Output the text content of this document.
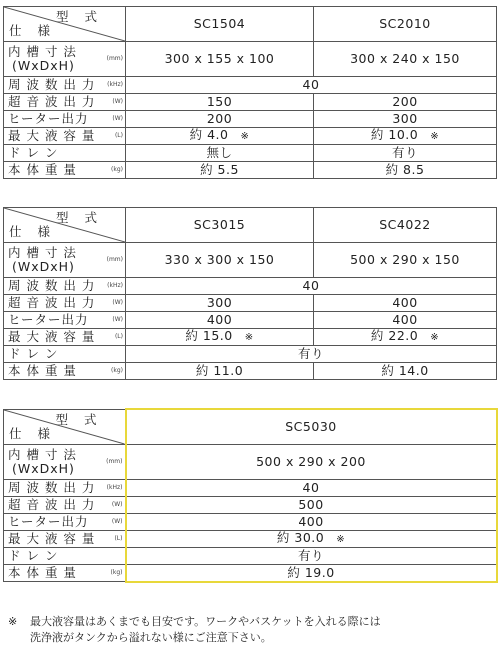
型 式
仕 様	SC1504	SC2010
内 槽 寸 法
(WxDxH) (mm)	300 x 155 x 100	300 x 240 x 150
周 波 数 出 力 (kHz)	40	
超 音 波 出 力 (W)	150	200
ヒーター出力 (W)	200	300
最 大 液 容 量 (L)	約 4.0 ※	約 10.0 ※
ド レ ン	無し	有り
本 体 重 量 (kg)	約 5.5	約 8.5
型 式
仕 様	SC3015	SC4022
内 槽 寸 法
(WxDxH) (mm)	330 x 300 x 150	500 x 290 x 150
周 波 数 出 力 (kHz)	40	
超 音 波 出 力 (W)	300	400
ヒーター出力 (W)	400	400
最 大 液 容 量 (L)	約 15.0 ※	約 22.0 ※
ド レ ン	有り	
本 体 重 量 (kg)	約 11.0	約 14.0
型 式
仕 様	SC5030
内 槽 寸 法
(WxDxH) (mm)	500 x 290 x 200
周 波 数 出 力 (kHz)	40
超 音 波 出 力 (W)	500
ヒーター出力 (W)	400
最 大 液 容 量 (L)	約 30.0 ※
ド レ ン	有り
本 体 重 量 (kg)	約 19.0
※ 最大液容量はあくまでも目安です。ワークやバスケットを入れる際には
洗浄液がタンクから溢れない様にご注意下さい。
